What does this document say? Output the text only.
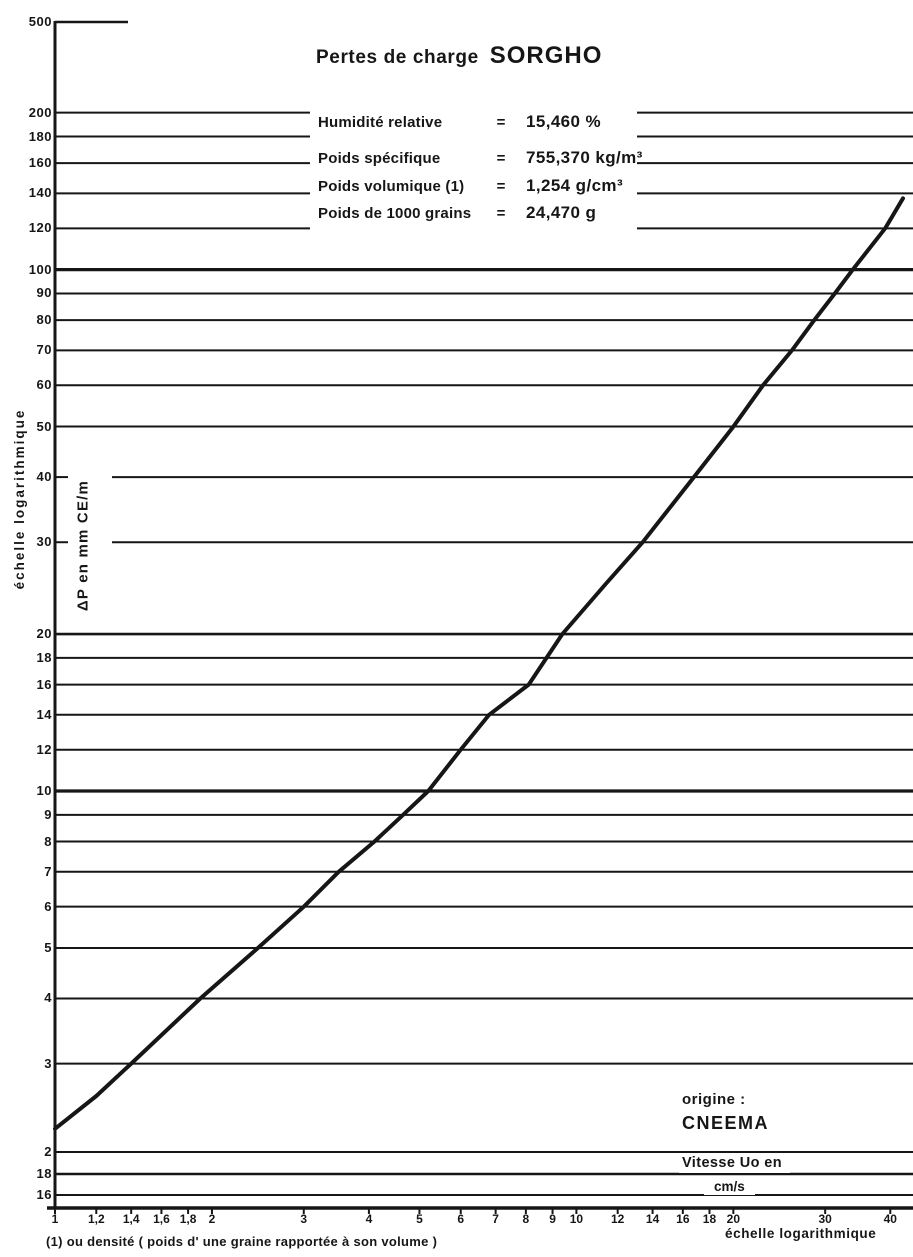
Pertes de charge SORGHO
Humidité relative	=	15,460 %
Poids spécifique	=	755,370 kg/m³
Poids volumique (1)	=	1,254 g/cm³
Poids de 1000 grains	=	24,470 g
échelle logarithmique	ΔP en mm CE/m
500
200
180
160
140
120
100
90
80
70
60
50
40
30
20
18
16
14
12
10
9
8
7
6
5
4
3
2
18
16
1	1,2	1,4	1,6 1,8	2	3	4	5	6	7	8	9	10	12	14	16	18 20	30	40
origine :
CNEEMA
Vitesse Uo en
cm/s
(1) ou densité ( poids d' une graine rapportée à son volume )
échelle logarithmique
